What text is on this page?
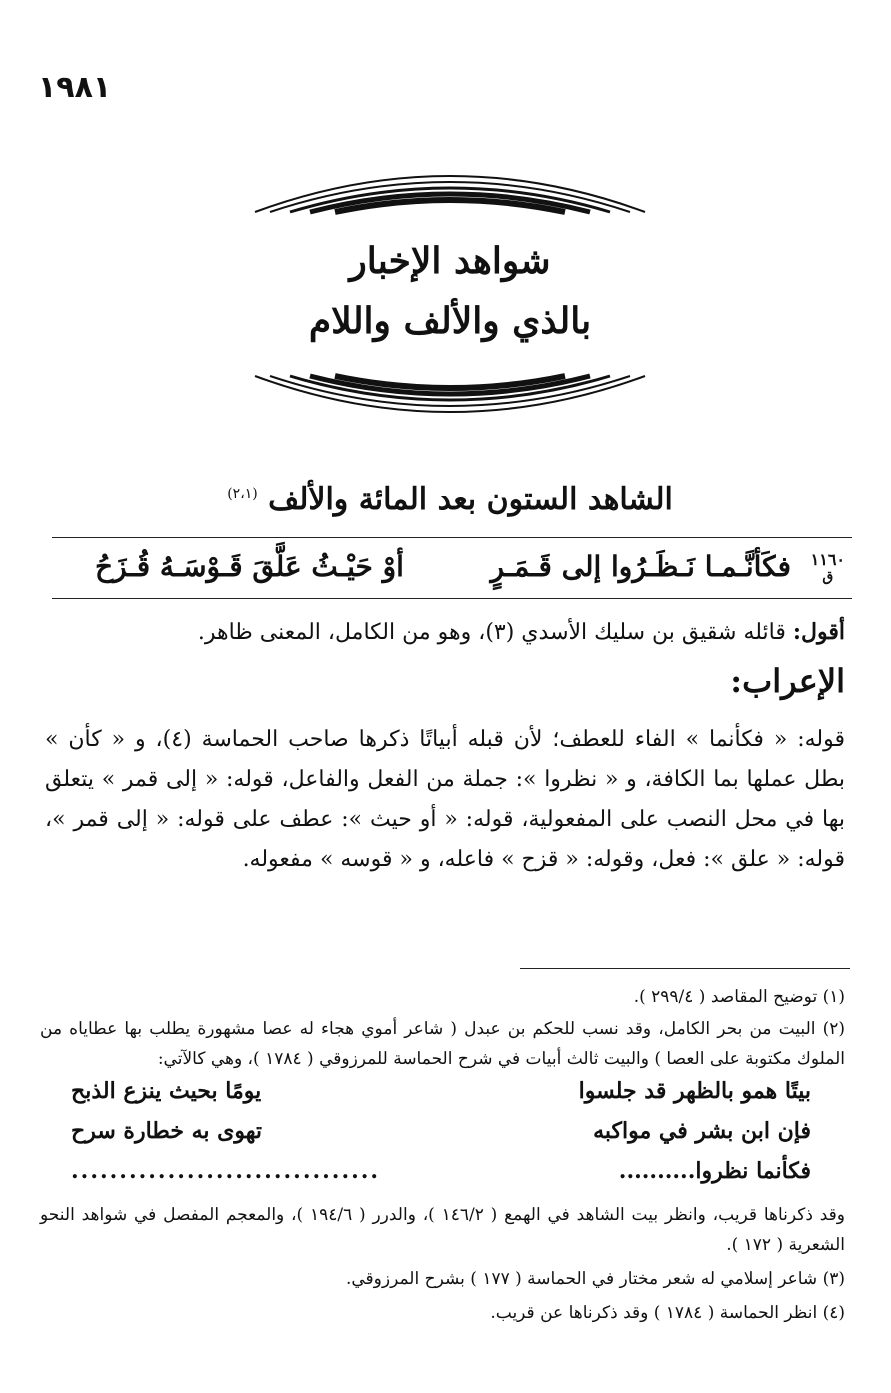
١٩٨١
شواهد الإخبار
بالذي والألف واللام
الشاهد الستون بعد المائة والألف $^{(٢،١)}$
١١٦٠
ق
فكَأنَّـمـا نَـظَـرُوا إلى قَـمَـرٍ
أوْ حَيْـثُ عَلَّقَ قَـوْسَـهُ قُـزَحُ
أقول: قائله شقيق بن سليك الأسدي (٣)، وهو من الكامل، المعنى ظاهر.
الإعراب:
قوله: « فكأنما » الفاء للعطف؛ لأن قبله أبياتًا ذكرها صاحب الحماسة (٤)، و « كأن » بطل عملها بما الكافة، و « نظروا »: جملة من الفعل والفاعل، قوله: « إلى قمر » يتعلق بها في محل النصب على المفعولية، قوله: « أو حيث »: عطف على قوله: « إلى قمر »، قوله: « علق »: فعل، وقوله: « قزح » فاعله، و « قوسه » مفعوله.
(١) توضيح المقاصد ( ٢٩٩/٤ ).
(٢) البيت من بحر الكامل، وقد نسب للحكم بن عبدل ( شاعر أموي هجاء له عصا مشهورة يطلب بها عطاياه من الملوك مكتوبة على العصا ) والبيت ثالث أبيات في شرح الحماسة للمرزوقي ( ١٧٨٤ )، وهي كالآتي:
بيتًا همو بالظهر قد جلسوا
يومًا بحيث ينزع الذبح
فإن ابن بشر في مواكبه
تهوى به خطارة سرح
فكأنما نظروا..........
................................
وقد ذكرناها قريب، وانظر بيت الشاهد في الهمع ( ١٤٦/٢ )، والدرر ( ١٩٤/٦ )، والمعجم المفصل في شواهد النحو الشعرية ( ١٧٢ ).
(٣) شاعر إسلامي له شعر مختار في الحماسة ( ١٧٧ ) بشرح المرزوقي.
(٤) انظر الحماسة ( ١٧٨٤ ) وقد ذكرناها عن قريب.
